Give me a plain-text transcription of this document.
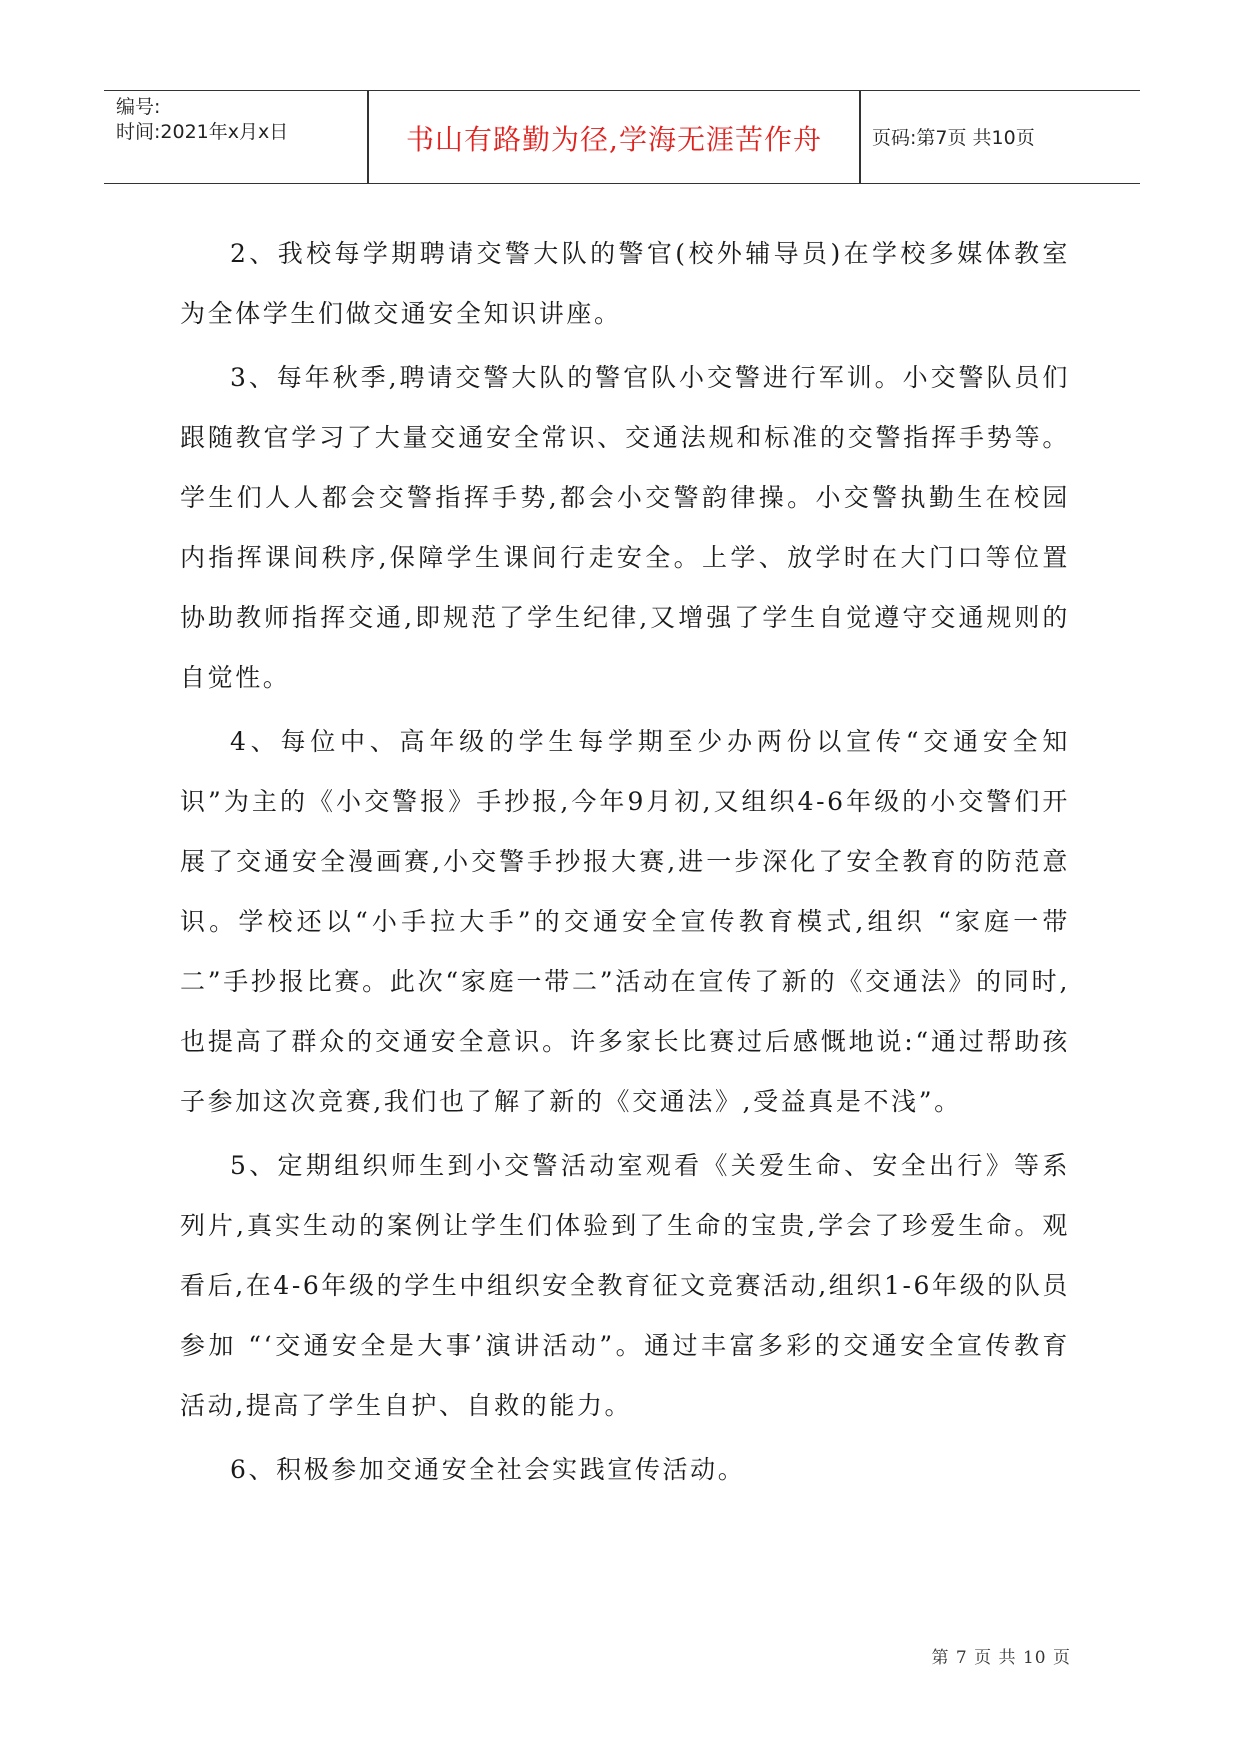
编号:
时间:2021年x月x日	书山有路勤为径,学海无涯苦作舟	页码:第7页 共10页

2、我校每学期聘请交警大队的警官(校外辅导员)在学校多媒体教室为全体学生们做交通安全知识讲座。

3、每年秋季,聘请交警大队的警官队小交警进行军训。小交警队员们跟随教官学习了大量交通安全常识、交通法规和标准的交警指挥手势等。学生们人人都会交警指挥手势,都会小交警韵律操。小交警执勤生在校园内指挥课间秩序,保障学生课间行走安全。上学、放学时在大门口等位置协助教师指挥交通,即规范了学生纪律,又增强了学生自觉遵守交通规则的自觉性。

4、每位中、高年级的学生每学期至少办两份以宣传“交通安全知识”为主的《小交警报》手抄报,今年9月初,又组织4-6年级的小交警们开展了交通安全漫画赛,小交警手抄报大赛,进一步深化了安全教育的防范意识。学校还以“小手拉大手”的交通安全宣传教育模式,组织 “家庭一带二”手抄报比赛。此次“家庭一带二”活动在宣传了新的《交通法》的同时,也提高了群众的交通安全意识。许多家长比赛过后感慨地说:“通过帮助孩子参加这次竞赛,我们也了解了新的《交通法》,受益真是不浅”。

5、定期组织师生到小交警活动室观看《关爱生命、安全出行》等系列片,真实生动的案例让学生们体验到了生命的宝贵,学会了珍爱生命。观看后,在4-6年级的学生中组织安全教育征文竞赛活动,组织1-6年级的队员参加 “‘交通安全是大事’演讲活动”。通过丰富多彩的交通安全宣传教育活动,提高了学生自护、自救的能力。

6、积极参加交通安全社会实践宣传活动。

第 7 页 共 10 页
